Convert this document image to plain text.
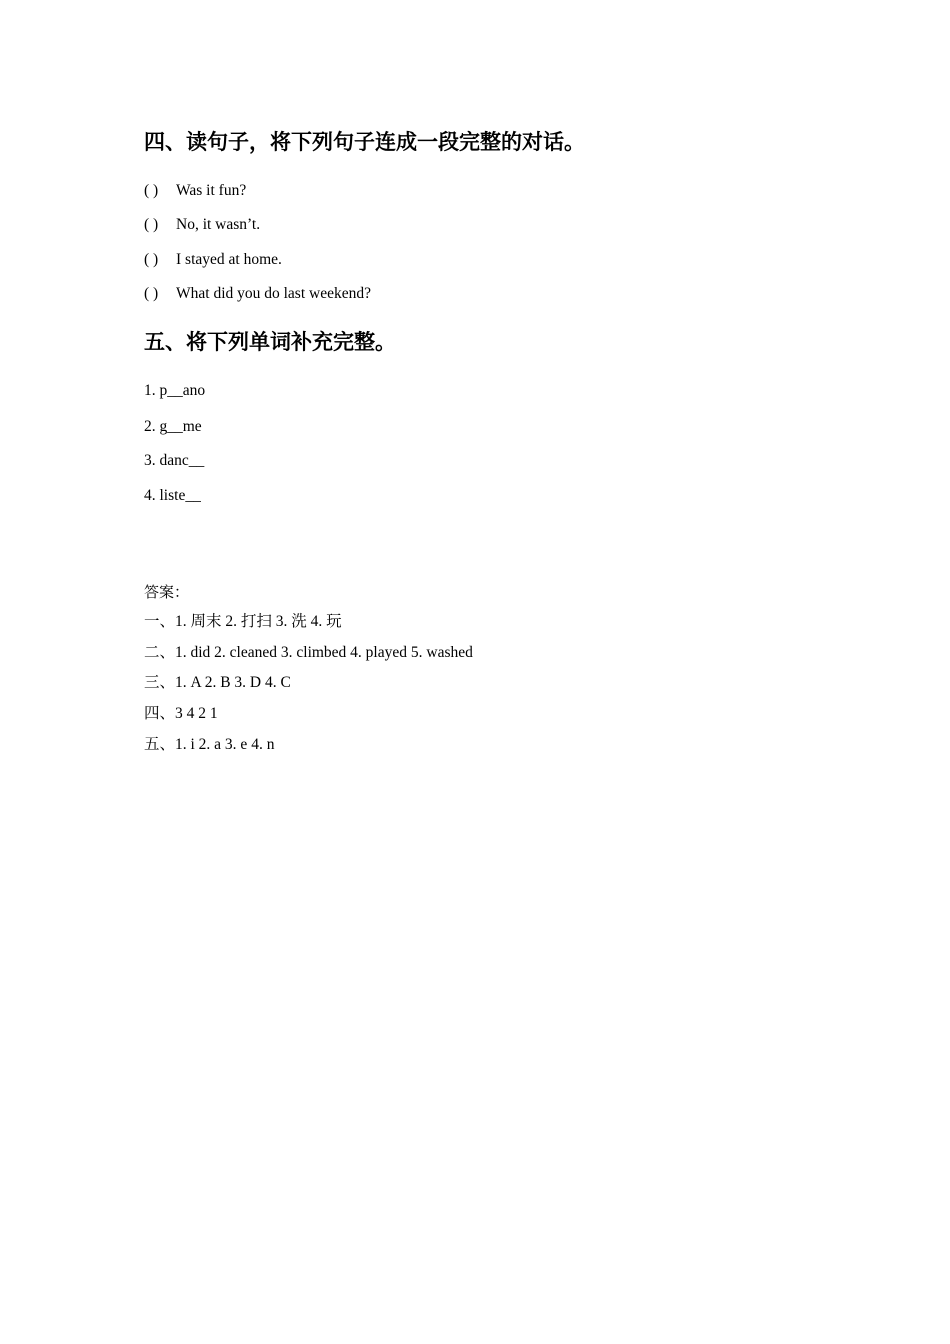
四、读句子，将下列句子连成一段完整的对话。
( ) Was it fun?
( ) No, it wasn’t.
( ) I stayed at home.
( ) What did you do last weekend?
五、将下列单词补充完整。
1. p__ano
2. g__me
3. danc__
4. liste__
答案：
一、1. 周末 2. 打扫 3. 洗 4. 玩
二、1. did 2. cleaned 3. climbed 4. played 5. washed
三、1. A 2. B 3. D 4. C
四、3 4 2 1
五、1. i 2. a 3. e 4. n
